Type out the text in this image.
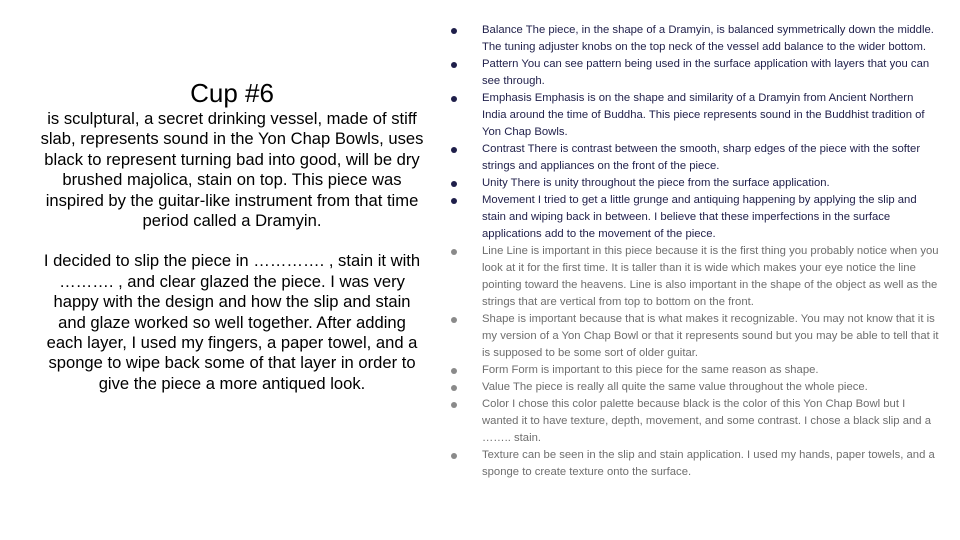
Cup #6

is sculptural, a secret drinking vessel, made of stiff slab, represents sound in the Yon Chap Bowls, uses black to represent turning bad into good, will be dry brushed majolica, stain on top. This piece was inspired by the guitar-like instrument from that time period called a Dramyin.

I decided to slip the piece in …………. , stain it with ………. , and clear glazed the piece. I was very happy with the design and how the slip and stain and glaze worked so well together. After adding each layer, I used my fingers, a paper towel, and a sponge to wipe back some of that layer in order to give the piece a more antiqued look.

Balance The piece, in the shape of a Dramyin, is balanced symmetrically down the middle. The tuning adjuster knobs on the top neck of the vessel add balance to the wider bottom.
Pattern You can see pattern being used in the surface application with layers that you can see through.
Emphasis Emphasis is on the shape and similarity of a Dramyin from Ancient Northern India around the time of Buddha. This piece represents sound in the Buddhist tradition of Yon Chap Bowls.
Contrast There is contrast between the smooth, sharp edges of the piece with the softer strings and appliances on the front of the piece.
Unity There is unity throughout the piece from the surface application.
Movement I tried to get a little grunge and antiquing happening by applying the slip and stain and wiping back in between. I believe that these imperfections in the surface applications add to the movement of the piece.
Line Line is important in this piece because it is the first thing you probably notice when you look at it for the first time. It is taller than it is wide which makes your eye notice the line pointing toward the heavens. Line is also important in the shape of the object as well as the strings that are vertical from top to bottom on the front.
Shape is important because that is what makes it recognizable. You may not know that it is my version of a Yon Chap Bowl or that it represents sound but you may be able to tell that it is supposed to be some sort of older guitar.
Form Form is important to this piece for the same reason as shape.
Value The piece is really all quite the same value throughout the whole piece.
Color I chose this color palette because black is the color of this Yon Chap Bowl but I wanted it to have texture, depth, movement, and some contrast. I chose a black slip and a …….. stain.
Texture can be seen in the slip and stain application. I used my hands, paper towels, and a sponge to create texture onto the surface.
